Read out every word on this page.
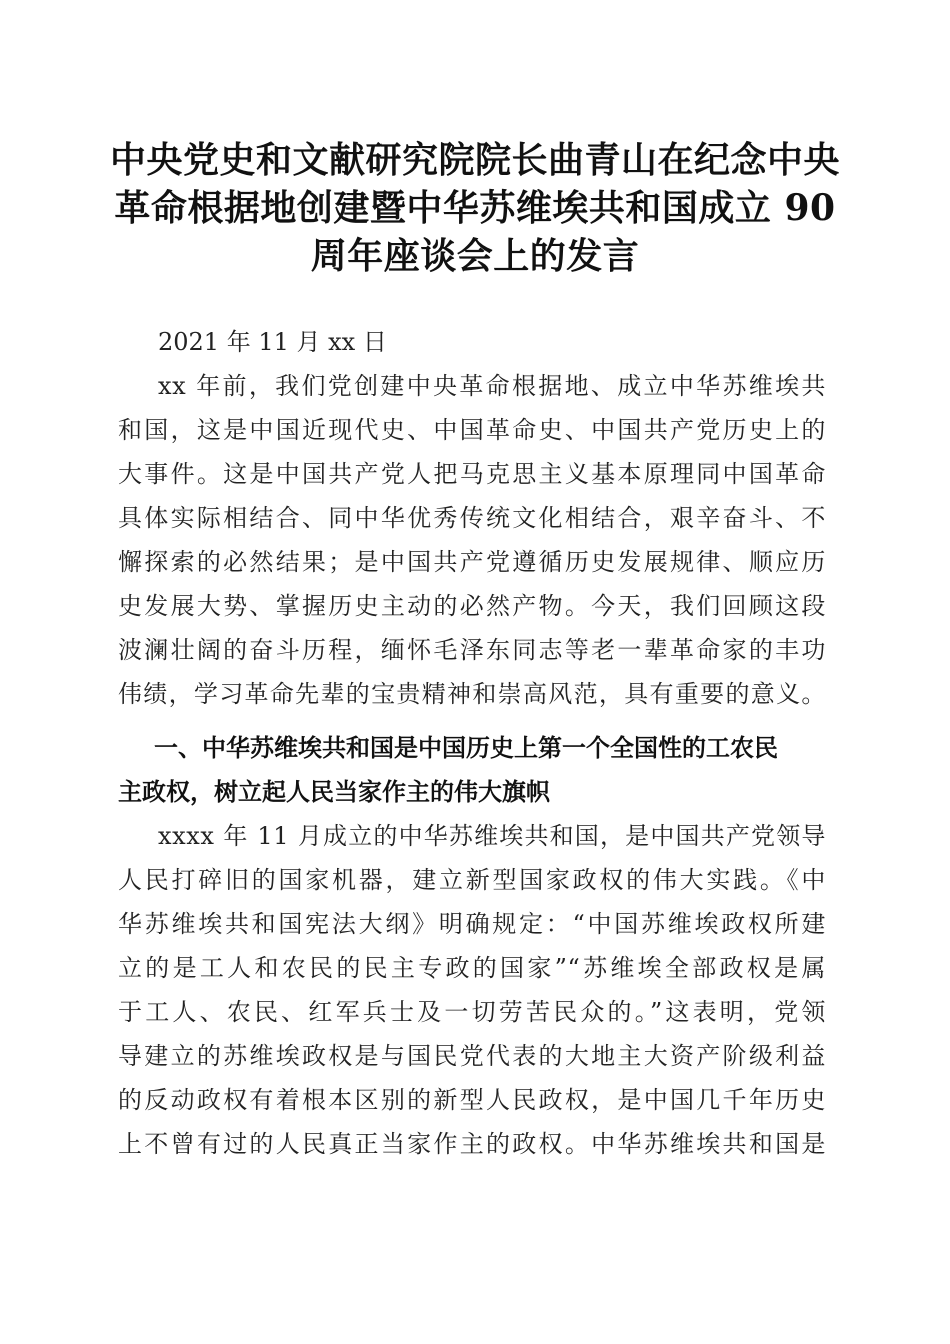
中央党史和文献研究院院长曲青山在纪念中央
革命根据地创建暨中华苏维埃共和国成立 90
周年座谈会上的发言
2021 年 11 月 xx 日
xx 年前，我们党创建中央革命根据地、成立中华苏维埃共
和国，这是中国近现代史、中国革命史、中国共产党历史上的
大事件。这是中国共产党人把马克思主义基本原理同中国革命
具体实际相结合、同中华优秀传统文化相结合，艰辛奋斗、不
懈探索的必然结果；是中国共产党遵循历史发展规律、顺应历
史发展大势、掌握历史主动的必然产物。今天，我们回顾这段
波澜壮阔的奋斗历程，缅怀毛泽东同志等老一辈革命家的丰功
伟绩，学习革命先辈的宝贵精神和崇高风范，具有重要的意义。
一、中华苏维埃共和国是中国历史上第一个全国性的工农民
主政权，树立起人民当家作主的伟大旗帜
xxxx 年 11 月成立的中华苏维埃共和国，是中国共产党领导
人民打碎旧的国家机器，建立新型国家政权的伟大实践。《中
华苏维埃共和国宪法大纲》明确规定：“中国苏维埃政权所建
立的是工人和农民的民主专政的国家”“苏维埃全部政权是属
于工人、农民、红军兵士及一切劳苦民众的。”这表明，党领
导建立的苏维埃政权是与国民党代表的大地主大资产阶级利益
的反动政权有着根本区别的新型人民政权，是中国几千年历史
上不曾有过的人民真正当家作主的政权。中华苏维埃共和国是
